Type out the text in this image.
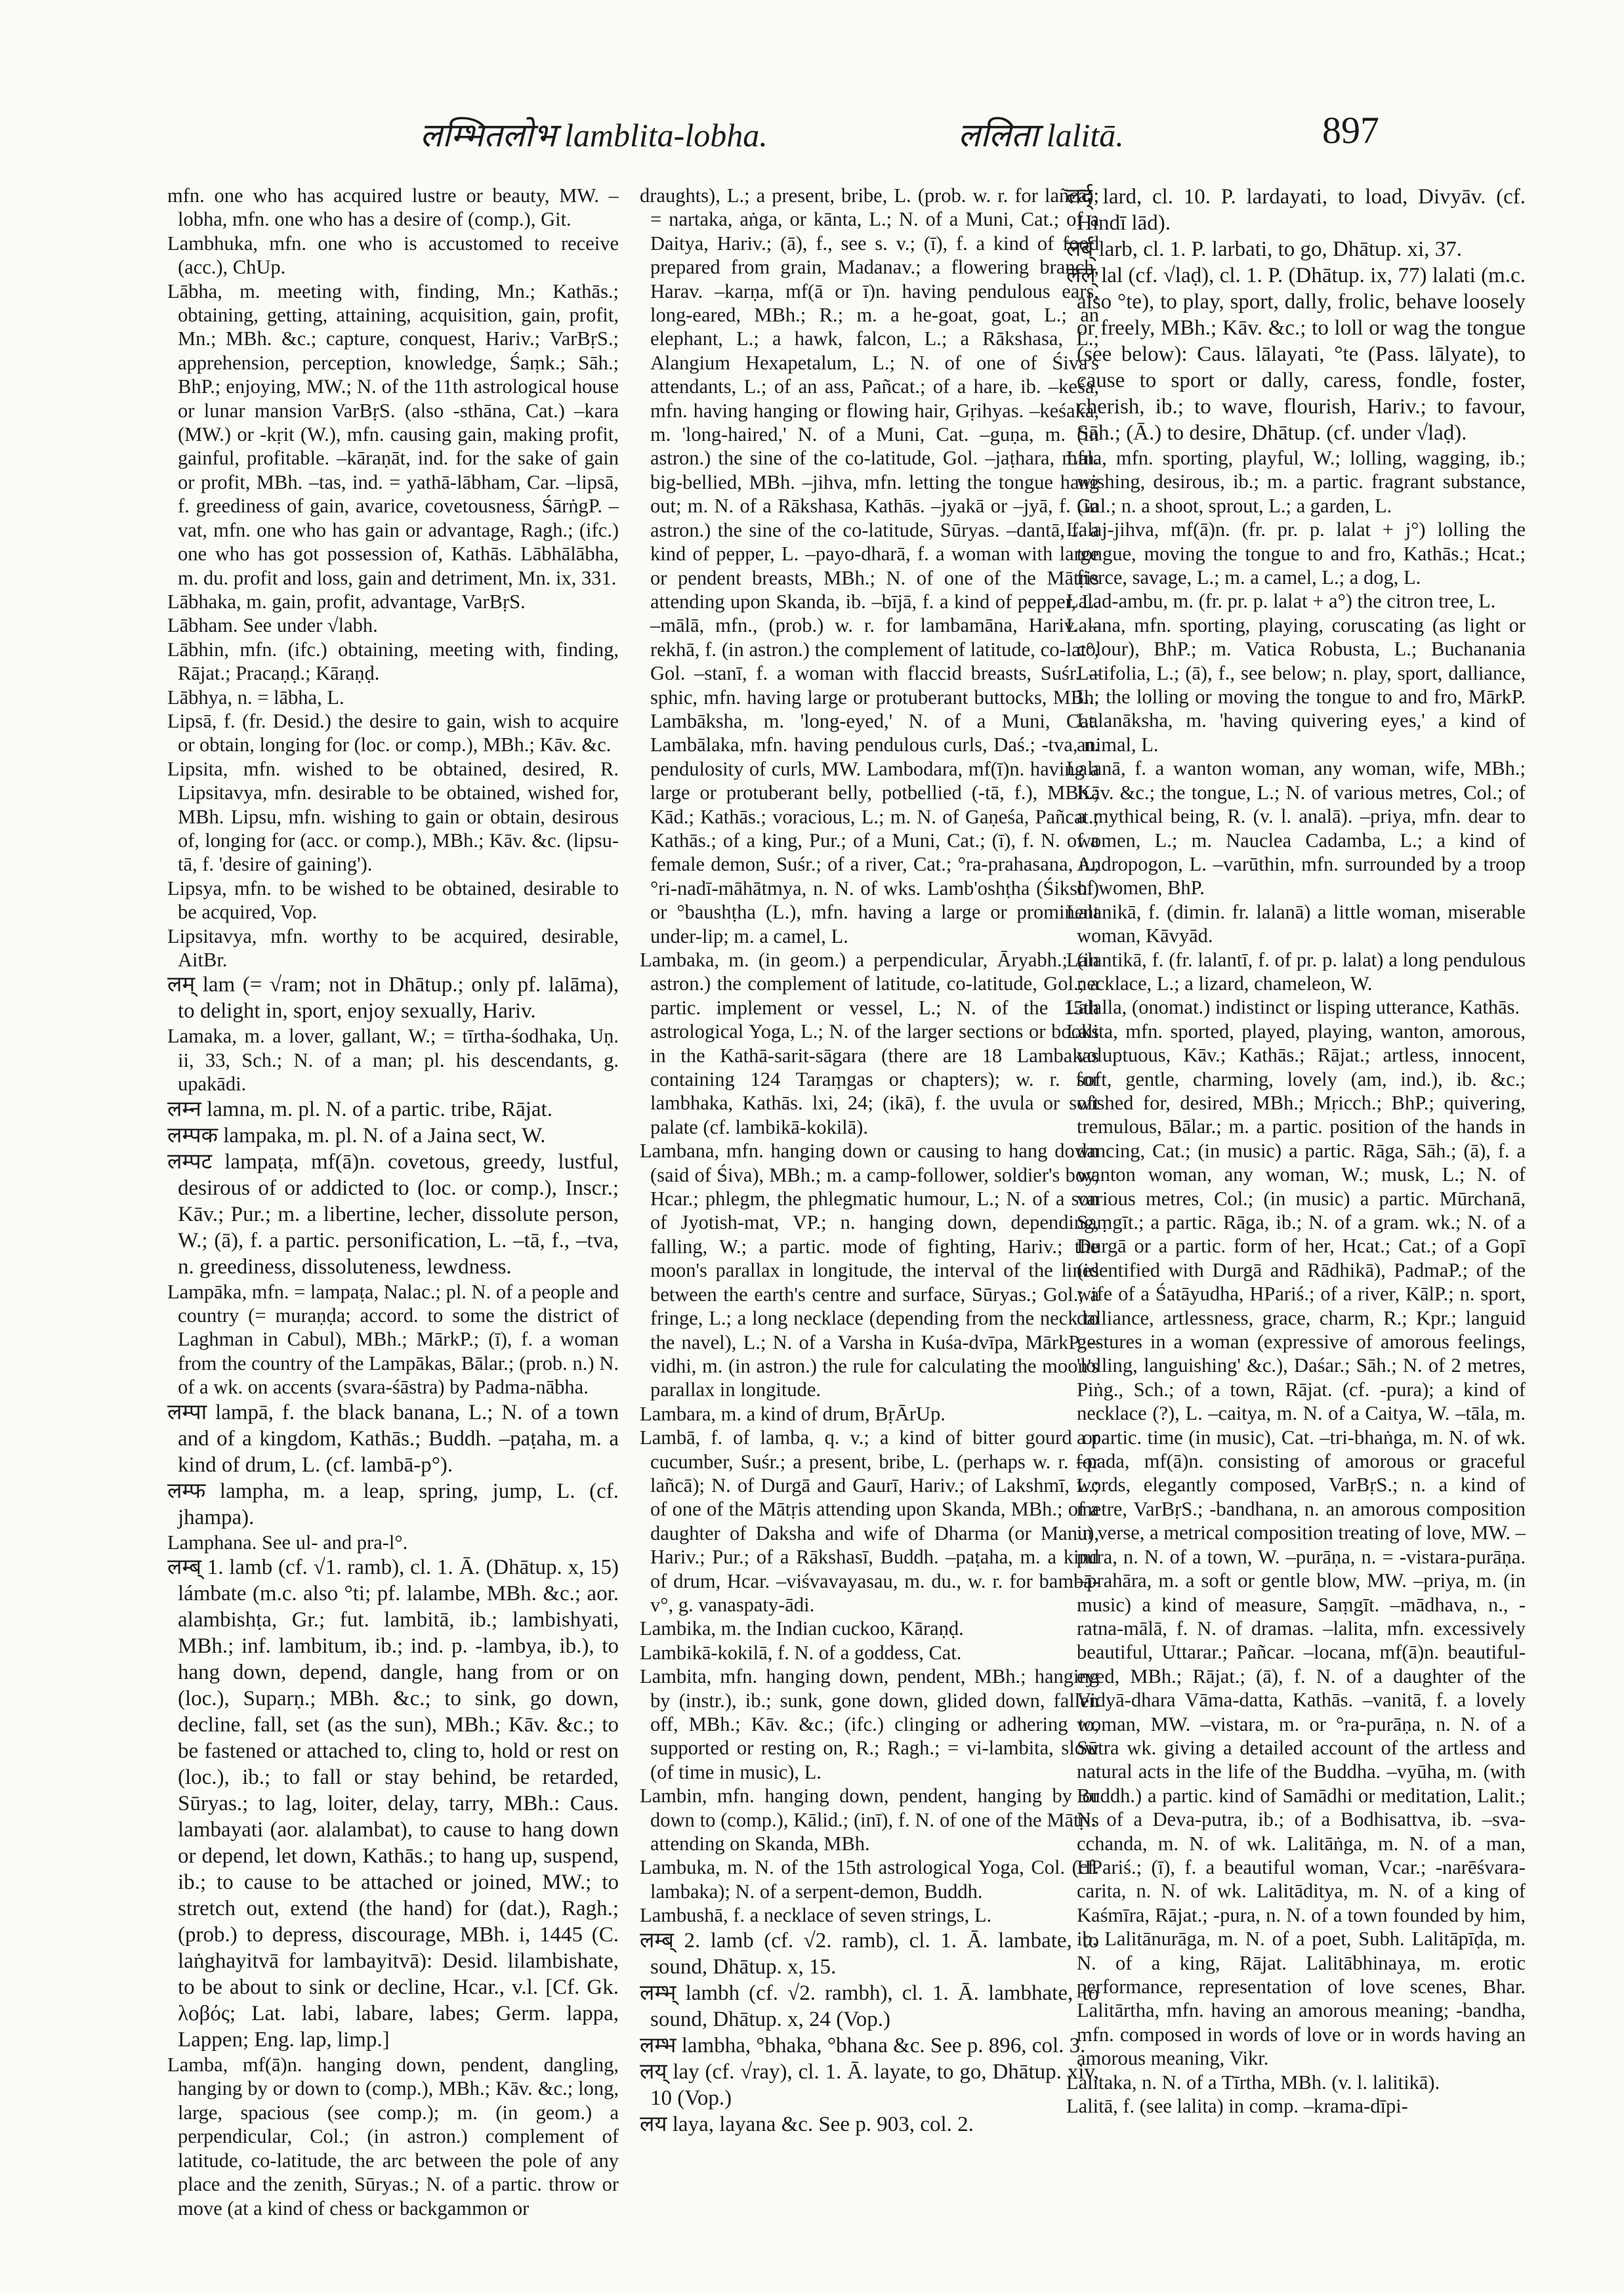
लम्भितलोभ lamblita-lobha.	ललिता lalitā.	897

mfn. one who has acquired lustre or beauty, MW. –lobha, mfn. one who has a desire of (comp.), Git.

Lambhuka, mfn. one who is accustomed to receive (acc.), ChUp.

Lābha, m. meeting with, finding, Mn.; Kathās.; obtaining, getting, attaining, acquisition, gain, profit, Mn.; MBh. &c.; capture, conquest, Hariv.; VarBṛS.; apprehension, perception, knowledge, Śaṃk.; Sāh.; BhP.; enjoying, MW.; N. of the 11th astrological house or lunar mansion VarBṛS. (also -sthāna, Cat.) –kara (MW.) or -kṛit (W.), mfn. causing gain, making profit, gainful, profitable. –kāraṇāt, ind. for the sake of gain or profit, MBh. –tas, ind. = yathā-lābham, Car. –lipsā, f. greediness of gain, avarice, covetousness, ŚārṅgP. –vat, mfn. one who has gain or advantage, Ragh.; (ifc.) one who has got possession of, Kathās. Lābhālābha, m. du. profit and loss, gain and detriment, Mn. ix, 331.

Lābhaka, m. gain, profit, advantage, VarBṛS.

Lābham. See under √labh.

Lābhin, mfn. (ifc.) obtaining, meeting with, finding, Rājat.; Pracaṇḍ.; Kāraṇḍ.

Lābhya, n. = lābha, L.

Lipsā, f. (fr. Desid.) the desire to gain, wish to acquire or obtain, longing for (loc. or comp.), MBh.; Kāv. &c.

Lipsita, mfn. wished to be obtained, desired, R. Lipsitavya, mfn. desirable to be obtained, wished for, MBh. Lipsu, mfn. wishing to gain or obtain, desirous of, longing for (acc. or comp.), MBh.; Kāv. &c. (lipsu-tā, f. 'desire of gaining').

Lipsya, mfn. to be wished to be obtained, desirable to be acquired, Vop.

Lipsitavya, mfn. worthy to be acquired, desirable, AitBr.

लम् lam (= √ram; not in Dhātup.; only pf. lalāma), to delight in, sport, enjoy sexually, Hariv.

Lamaka, m. a lover, gallant, W.; = tīrtha-śodhaka, Uṇ. ii, 33, Sch.; N. of a man; pl. his descendants, g. upakādi.

लम्न lamna, m. pl. N. of a partic. tribe, Rājat.

लम्पक lampaka, m. pl. N. of a Jaina sect, W.

लम्पट lampaṭa, mf(ā)n. covetous, greedy, lustful, desirous of or addicted to (loc. or comp.), Inscr.; Kāv.; Pur.; m. a libertine, lecher, dissolute person, W.; (ā), f. a partic. personification, L. –tā, f., –tva, n. greediness, dissoluteness, lewdness.

Lampāka, mfn. = lampaṭa, Nalac.; pl. N. of a people and country (= muraṇḍa; accord. to some the district of Laghman in Cabul), MBh.; MārkP.; (ī), f. a woman from the country of the Lampākas, Bālar.; (prob. n.) N. of a wk. on accents (svara-śāstra) by Padma-nābha.

लम्पा lampā, f. the black banana, L.; N. of a town and of a kingdom, Kathās.; Buddh. –paṭaha, m. a kind of drum, L. (cf. lambā-p°).

लम्फ lampha, m. a leap, spring, jump, L. (cf. jhampa).

Lamphana. See ul- and pra-l°.

लम्ब् 1. lamb (cf. √1. ramb), cl. 1. Ā. (Dhātup. x, 15) lámbate (m.c. also °ti; pf. lalambe, MBh. &c.; aor. alambishṭa, Gr.; fut. lambitā, ib.; lambishyati, MBh.; inf. lambitum, ib.; ind. p. -lambya, ib.), to hang down, depend, dangle, hang from or on (loc.), Suparṇ.; MBh. &c.; to sink, go down, decline, fall, set (as the sun), MBh.; Kāv. &c.; to be fastened or attached to, cling to, hold or rest on (loc.), ib.; to fall or stay behind, be retarded, Sūryas.; to lag, loiter, delay, tarry, MBh.: Caus. lambayati (aor. alalambat), to cause to hang down or depend, let down, Kathās.; to hang up, suspend, ib.; to cause to be attached or joined, MW.; to stretch out, extend (the hand) for (dat.), Ragh.; (prob.) to depress, discourage, MBh. i, 1445 (C. laṅghayitvā for lambayitvā): Desid. lilambishate, to be about to sink or decline, Hcar., v.l. [Cf. Gk. λοβός; Lat. labi, labare, labes; Germ. lappa, Lappen; Eng. lap, limp.]

Lamba, mf(ā)n. hanging down, pendent, dangling, hanging by or down to (comp.), MBh.; Kāv. &c.; long, large, spacious (see comp.); m. (in geom.) a perpendicular, Col.; (in astron.) complement of latitude, co-latitude, the arc between the pole of any place and the zenith, Sūryas.; N. of a partic. throw or move (at a kind of chess or backgammon or

draughts), L.; a present, bribe, L. (prob. w. r. for lañcā); = nartaka, aṅga, or kānta, L.; N. of a Muni, Cat.; of a Daitya, Hariv.; (ā), f., see s. v.; (ī), f. a kind of food prepared from grain, Madanav.; a flowering branch, Harav. –karṇa, mf(ā or ī)n. having pendulous ears, long-eared, MBh.; R.; m. a he-goat, goat, L.; an elephant, L.; a hawk, falcon, L.; a Rākshasa, L.; Alangium Hexapetalum, L.; N. of one of Śiva's attendants, L.; of an ass, Pañcat.; of a hare, ib. –keśa, mfn. having hanging or flowing hair, Gṛihyas. –keśaka, m. 'long-haired,' N. of a Muni, Cat. –guṇa, m. (in astron.) the sine of the co-latitude, Gol. –jaṭhara, mfn. big-bellied, MBh. –jihva, mfn. letting the tongue hang out; m. N. of a Rākshasa, Kathās. –jyakā or –jyā, f. (in astron.) the sine of the co-latitude, Sūryas. –dantā, f. a kind of pepper, L. –payo-dharā, f. a woman with large or pendent breasts, MBh.; N. of one of the Mātṛis attending upon Skanda, ib. –bījā, f. a kind of pepper, L. –mālā, mfn., (prob.) w. r. for lambamāna, Hariv. –rekhā, f. (in astron.) the complement of latitude, co-lat°, Gol. –stanī, f. a woman with flaccid breasts, Suśr. –sphic, mfn. having large or protuberant buttocks, MBh. Lambāksha, m. 'long-eyed,' N. of a Muni, Cat. Lambālaka, mfn. having pendulous curls, Daś.; -tva, n. pendulosity of curls, MW. Lambodara, mf(ī)n. having a large or protuberant belly, potbellied (-tā, f.), MBh.; Kād.; Kathās.; voracious, L.; m. N. of Gaṇeśa, Pañcat.; Kathās.; of a king, Pur.; of a Muni, Cat.; (ī), f. N. of a female demon, Suśr.; of a river, Cat.; °ra-prahasana, n., °ri-nadī-māhātmya, n. N. of wks. Lamb'oshṭha (Śiksh.) or °baushṭha (L.), mfn. having a large or prominent under-lip; m. a camel, L.

Lambaka, m. (in geom.) a perpendicular, Āryabh.; (in astron.) the complement of latitude, co-latitude, Gol.; a partic. implement or vessel, L.; N. of the 15th astrological Yoga, L.; N. of the larger sections or books in the Kathā-sarit-sāgara (there are 18 Lambakas containing 124 Taraṃgas or chapters); w. r. for lambhaka, Kathās. lxi, 24; (ikā), f. the uvula or soft palate (cf. lambikā-kokilā).

Lambana, mfn. hanging down or causing to hang down (said of Śiva), MBh.; m. a camp-follower, soldier's boy, Hcar.; phlegm, the phlegmatic humour, L.; N. of a son of Jyotish-mat, VP.; n. hanging down, depending, falling, W.; a partic. mode of fighting, Hariv.; the moon's parallax in longitude, the interval of the lines between the earth's centre and surface, Sūryas.; Gol.; a fringe, L.; a long necklace (depending from the neck to the navel), L.; N. of a Varsha in Kuśa-dvīpa, MārkP. –vidhi, m. (in astron.) the rule for calculating the moon's parallax in longitude.

Lambara, m. a kind of drum, BṛĀrUp.

Lambā, f. of lamba, q. v.; a kind of bitter gourd or cucumber, Suśr.; a present, bribe, L. (perhaps w. r. for lañcā); N. of Durgā and Gaurī, Hariv.; of Lakshmī, L.; of one of the Mātṛis attending upon Skanda, MBh.; of a daughter of Daksha and wife of Dharma (or Manu), Hariv.; Pur.; of a Rākshasī, Buddh. –paṭaha, m. a kind of drum, Hcar. –viśvavayasau, m. du., w. r. for bambā-v°, g. vanaspaty-ādi.

Lambika, m. the Indian cuckoo, Kāraṇḍ.

Lambikā-kokilā, f. N. of a goddess, Cat.

Lambita, mfn. hanging down, pendent, MBh.; hanging by (instr.), ib.; sunk, gone down, glided down, fallen off, MBh.; Kāv. &c.; (ifc.) clinging or adhering to, supported or resting on, R.; Ragh.; = vi-lambita, slow (of time in music), L.

Lambin, mfn. hanging down, pendent, hanging by or down to (comp.), Kālid.; (inī), f. N. of one of the Mātṛis attending on Skanda, MBh.

Lambuka, m. N. of the 15th astrological Yoga, Col. (cf. lambaka); N. of a serpent-demon, Buddh.

Lambushā, f. a necklace of seven strings, L.

लम्ब् 2. lamb (cf. √2. ramb), cl. 1. Ā. lambate, to sound, Dhātup. x, 15.

लम्भ् lambh (cf. √2. rambh), cl. 1. Ā. lambhate, to sound, Dhātup. x, 24 (Vop.)

लम्भ lambha, °bhaka, °bhana &c. See p. 896, col. 3.

लय् lay (cf. √ray), cl. 1. Ā. layate, to go, Dhātup. xiv, 10 (Vop.)

लय laya, layana &c. See p. 903, col. 2.

लर्द् lard, cl. 10. P. lardayati, to load, Divyāv. (cf. Hindī lād).

लर्ब् larb, cl. 1. P. larbati, to go, Dhātup. xi, 37.

लल् lal (cf. √laḍ), cl. 1. P. (Dhātup. ix, 77) lalati (m.c. also °te), to play, sport, dally, frolic, behave loosely or freely, MBh.; Kāv. &c.; to loll or wag the tongue (see below): Caus. lālayati, °te (Pass. lālyate), to cause to sport or dally, caress, fondle, foster, cherish, ib.; to wave, flourish, Hariv.; to favour, Sāh.; (Ā.) to desire, Dhātup. (cf. under √laḍ).

Lala, mfn. sporting, playful, W.; lolling, wagging, ib.; wishing, desirous, ib.; m. a partic. fragrant substance, Gal.; n. a shoot, sprout, L.; a garden, L.

Lalaj-jihva, mf(ā)n. (fr. pr. p. lalat + j°) lolling the tongue, moving the tongue to and fro, Kathās.; Hcat.; fierce, savage, L.; m. a camel, L.; a dog, L.

Lalad-ambu, m. (fr. pr. p. lalat + a°) the citron tree, L.

Lalana, mfn. sporting, playing, coruscating (as light or colour), BhP.; m. Vatica Robusta, L.; Buchanania Latifolia, L.; (ā), f., see below; n. play, sport, dalliance, L.; the lolling or moving the tongue to and fro, MārkP. Lalanāksha, m. 'having quivering eyes,' a kind of animal, L.

Lalanā, f. a wanton woman, any woman, wife, MBh.; Kāv. &c.; the tongue, L.; N. of various metres, Col.; of a mythical being, R. (v. l. analā). –priya, mfn. dear to women, L.; m. Nauclea Cadamba, L.; a kind of Andropogon, L. –varūthin, mfn. surrounded by a troop of women, BhP.

Lalanikā, f. (dimin. fr. lalanā) a little woman, miserable woman, Kāvyād.

Lalantikā, f. (fr. lalantī, f. of pr. p. lalat) a long pendulous necklace, L.; a lizard, chameleon, W.

Lalalla, (onomat.) indistinct or lisping utterance, Kathās.

Lalita, mfn. sported, played, playing, wanton, amorous, voluptuous, Kāv.; Kathās.; Rājat.; artless, innocent, soft, gentle, charming, lovely (am, ind.), ib. &c.; wished for, desired, MBh.; Mṛicch.; BhP.; quivering, tremulous, Bālar.; m. a partic. position of the hands in dancing, Cat.; (in music) a partic. Rāga, Sāh.; (ā), f. a wanton woman, any woman, W.; musk, L.; N. of various metres, Col.; (in music) a partic. Mūrchanā, Saṃgīt.; a partic. Rāga, ib.; N. of a gram. wk.; N. of a Durgā or a partic. form of her, Hcat.; Cat.; of a Gopī (identified with Durgā and Rādhikā), PadmaP.; of the wife of a Śatāyudha, HPariś.; of a river, KālP.; n. sport, dalliance, artlessness, grace, charm, R.; Kpr.; languid gestures in a woman (expressive of amorous feelings, 'lolling, languishing' &c.), Daśar.; Sāh.; N. of 2 metres, Piṅg., Sch.; of a town, Rājat. (cf. -pura); a kind of necklace (?), L. –caitya, m. N. of a Caitya, W. –tāla, m. a partic. time (in music), Cat. –tri-bhaṅga, m. N. of wk. –pada, mf(ā)n. consisting of amorous or graceful words, elegantly composed, VarBṛS.; n. a kind of metre, VarBṛS.; -bandhana, n. an amorous composition in verse, a metrical composition treating of love, MW. –pura, n. N. of a town, W. –purāṇa, n. = -vistara-purāṇa. –prahāra, m. a soft or gentle blow, MW. –priya, m. (in music) a kind of measure, Saṃgīt. –mādhava, n., -ratna-mālā, f. N. of dramas. –lalita, mfn. excessively beautiful, Uttarar.; Pañcar. –locana, mf(ā)n. beautiful-eyed, MBh.; Rājat.; (ā), f. N. of a daughter of the Vidyā-dhara Vāma-datta, Kathās. –vanitā, f. a lovely woman, MW. –vistara, m. or °ra-purāṇa, n. N. of a Sūtra wk. giving a detailed account of the artless and natural acts in the life of the Buddha. –vyūha, m. (with Buddh.) a partic. kind of Samādhi or meditation, Lalit.; N. of a Deva-putra, ib.; of a Bodhisattva, ib. –sva-cchanda, m. N. of wk. Lalitāṅga, m. N. of a man, HPariś.; (ī), f. a beautiful woman, Vcar.; -narēśvara-carita, n. N. of wk. Lalitāditya, m. N. of a king of Kaśmīra, Rājat.; -pura, n. N. of a town founded by him, ib. Lalitānurāga, m. N. of a poet, Subh. Lalitāpīḍa, m. N. of a king, Rājat. Lalitābhinaya, m. erotic performance, representation of love scenes, Bhar. Lalitārtha, mfn. having an amorous meaning; -bandha, mfn. composed in words of love or in words having an amorous meaning, Vikr.

Lalitaka, n. N. of a Tīrtha, MBh. (v. l. lalitikā).

Lalitā, f. (see lalita) in comp. –krama-dīpi-
